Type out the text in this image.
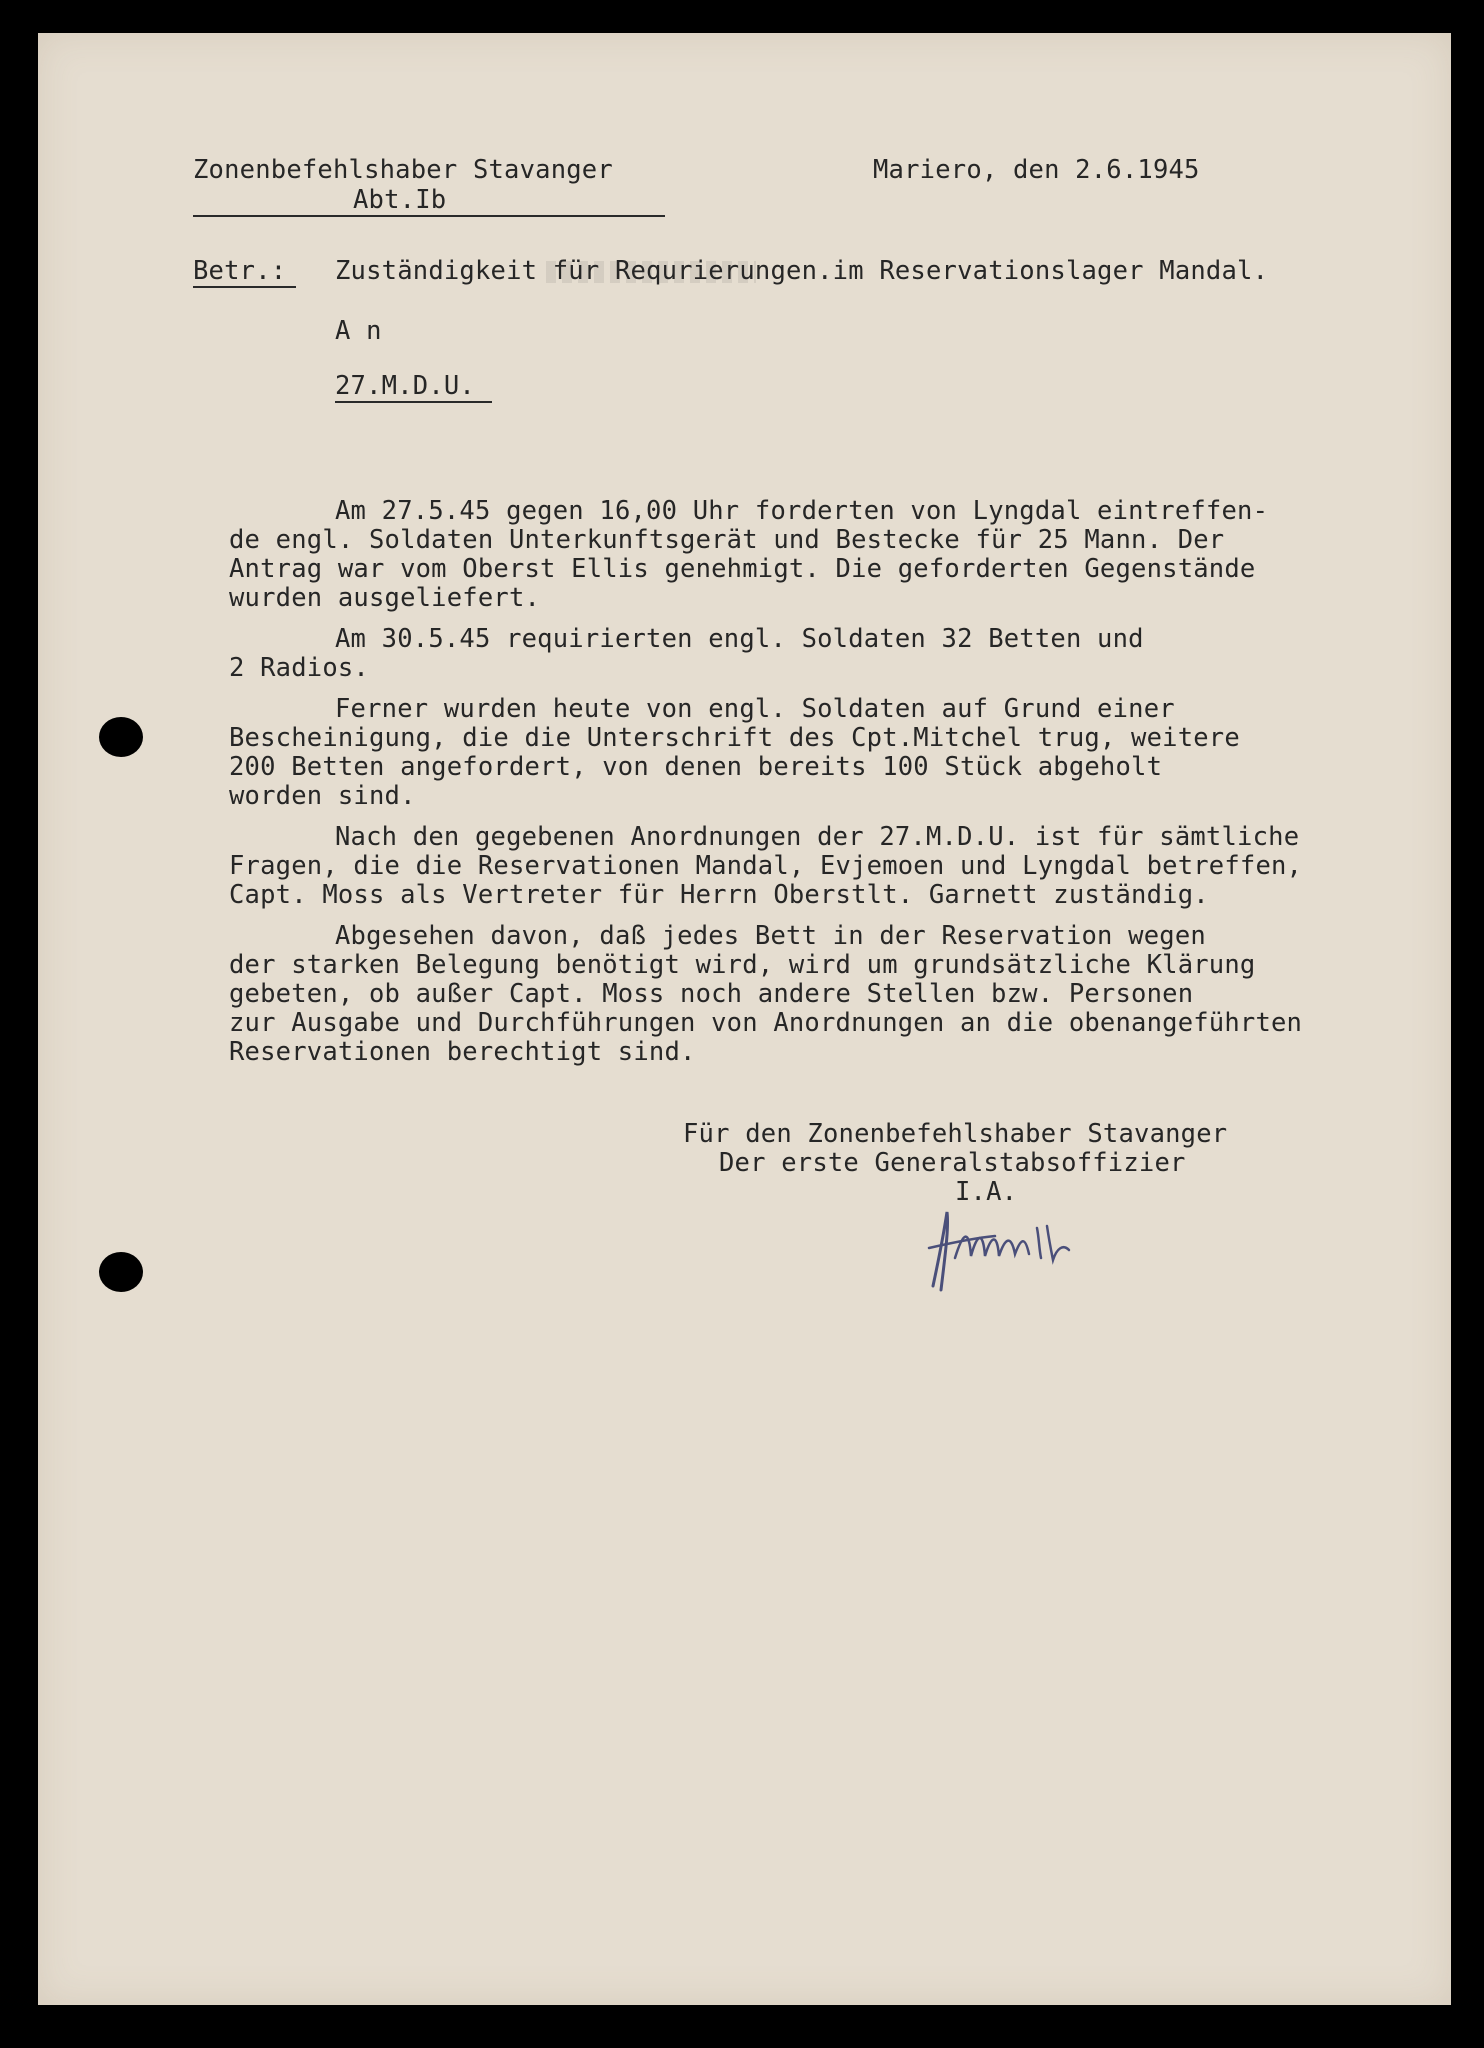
Zonenbefehlshaber Stavanger
Abt.Ib
Mariero, den 2.6.1945
Betr.: Zuständigkeit für Requrierungen.im Reservationslager Mandal.
A n
27.M.D.U.
Am 27.5.45 gegen 16,00 Uhr forderten von Lyngdal eintreffen-
de engl. Soldaten Unterkunftsgerät und Bestecke für 25 Mann. Der
Antrag war vom Oberst Ellis genehmigt. Die geforderten Gegenstände
wurden ausgeliefert.
Am 30.5.45 requirierten engl. Soldaten 32 Betten und
2 Radios.
Ferner wurden heute von engl. Soldaten auf Grund einer
Bescheinigung, die die Unterschrift des Cpt.Mitchel trug, weitere
200 Betten angefordert, von denen bereits 100 Stück abgeholt
worden sind.
Nach den gegebenen Anordnungen der 27.M.D.U. ist für sämtliche
Fragen, die die Reservationen Mandal, Evjemoen und Lyngdal betreffen,
Capt. Moss als Vertreter für Herrn Oberstlt. Garnett zuständig.
Abgesehen davon, daß jedes Bett in der Reservation wegen
der starken Belegung benötigt wird, wird um grundsätzliche Klärung
gebeten, ob außer Capt. Moss noch andere Stellen bzw. Personen
zur Ausgabe und Durchführungen von Anordnungen an die obenangeführten
Reservationen berechtigt sind.
Für den Zonenbefehlshaber Stavanger
Der erste Generalstabsoffizier
I.A.
